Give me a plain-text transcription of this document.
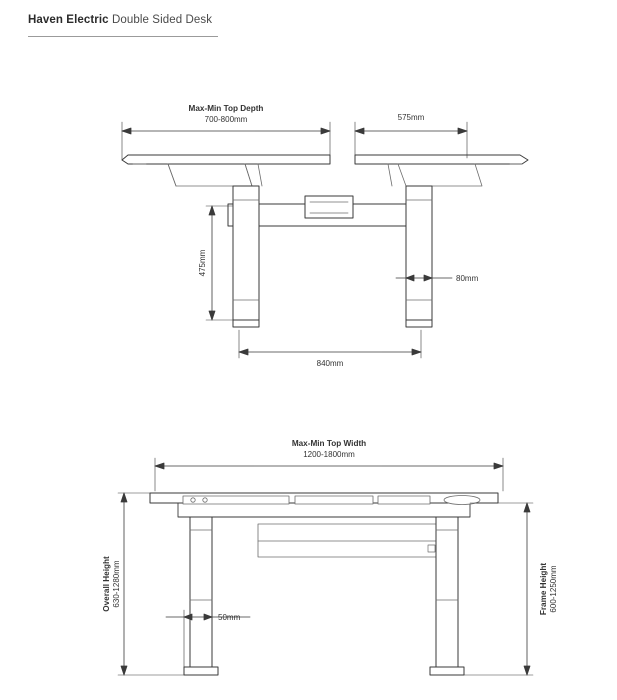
Haven Electric Double Sided Desk
Max-Min Top Depth
700-800mm	575mm
475mm
80mm
840mm
Max-Min Top Width
1200-1800mm
Overall Height 630-1280mm	Frame Height 600-1250mm
50mm
